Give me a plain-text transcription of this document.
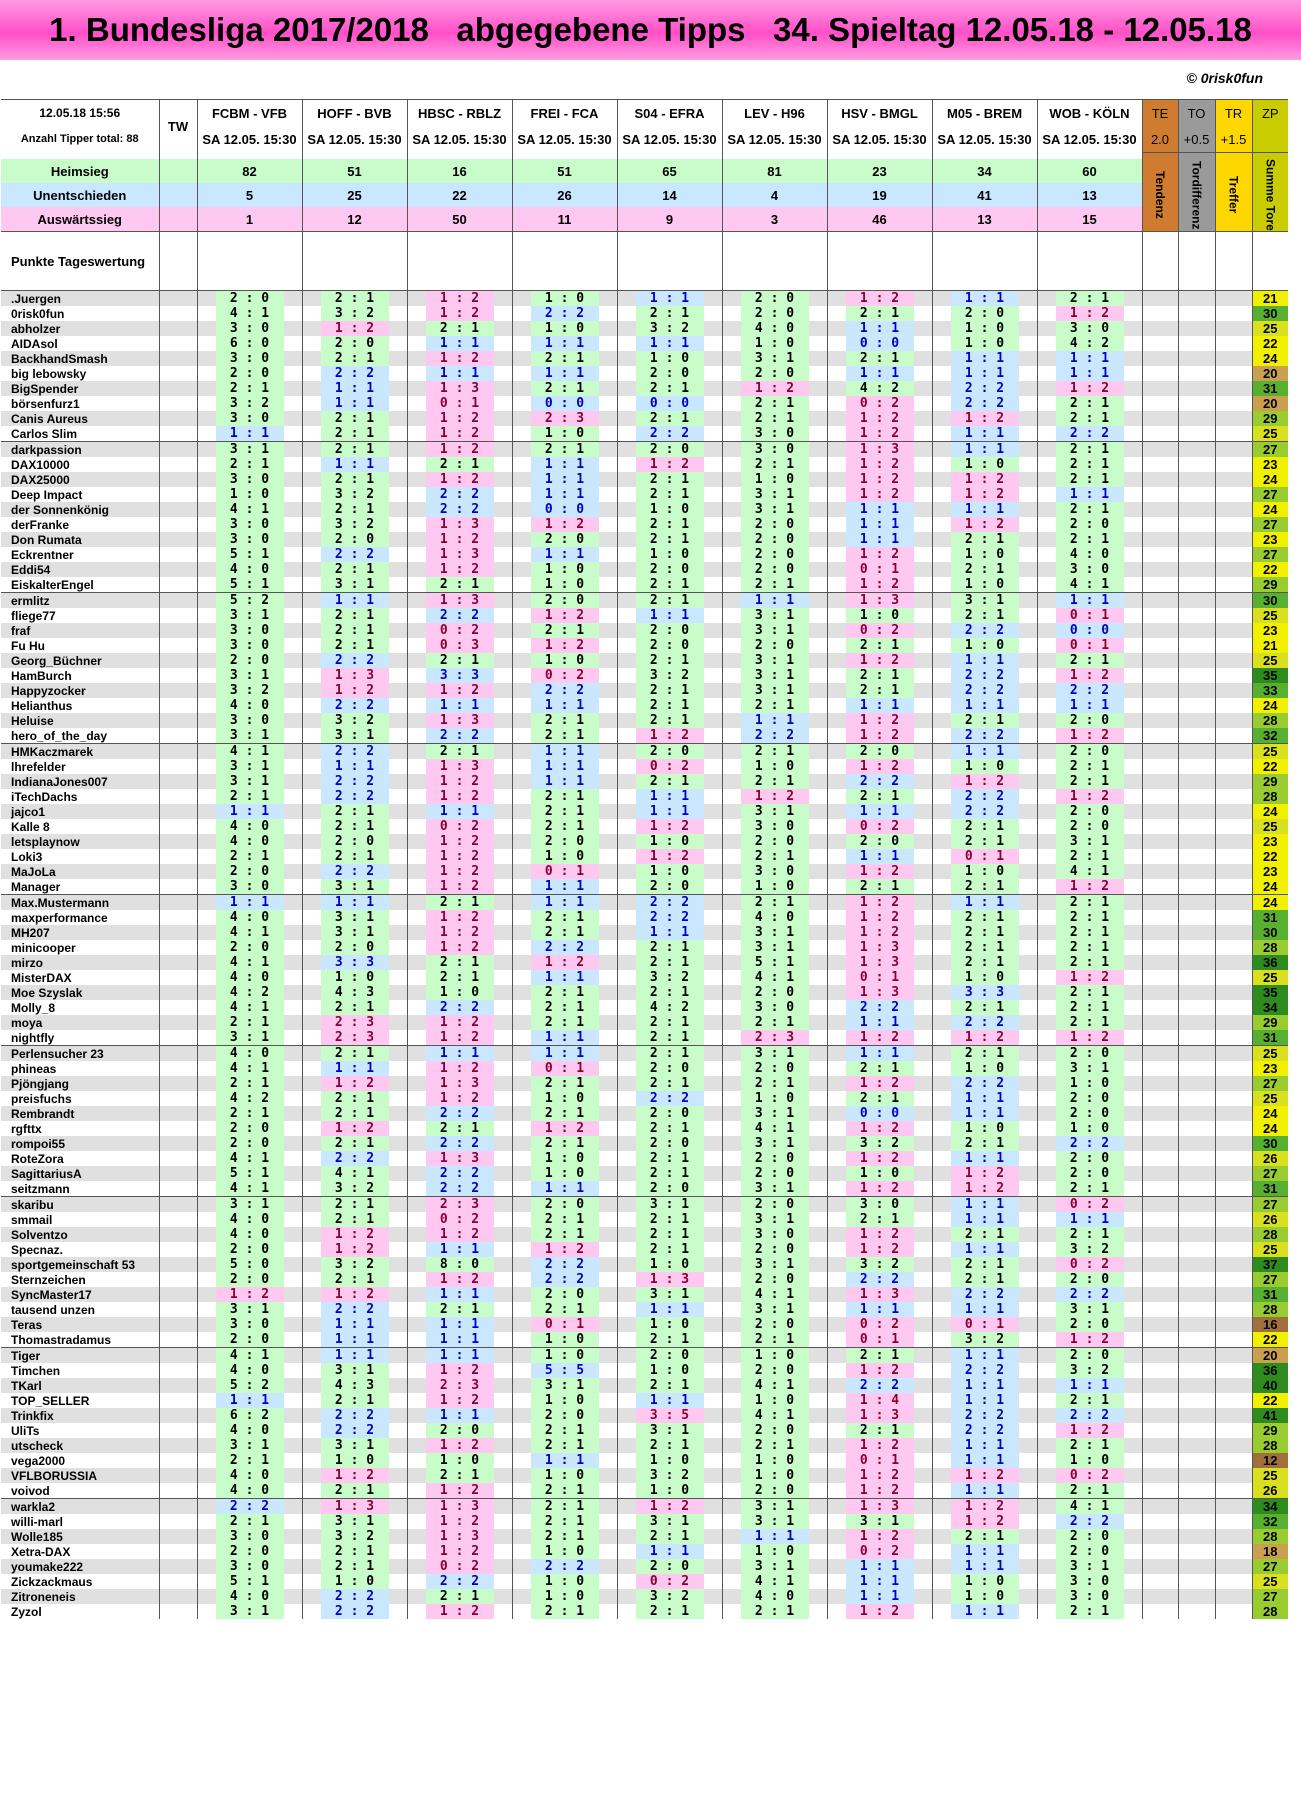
1. Bundesliga 2017/2018   abgegebene Tipps   34. Spieltag 12.05.18 - 12.05.18
© 0risk0fun
12.05.18 15:56	TW	FCBM - VFB	HOFF - BVB	HBSC - RBLZ	FREI - FCA	S04 - EFRA	LEV - H96	HSV - BMGL	M05 - BREM	WOB - KÖLN	TE	TO	TR	ZP
Anzahl Tipper total: 88		SA 12.05. 15:30	SA 12.05. 15:30	SA 12.05. 15:30	SA 12.05. 15:30	SA 12.05. 15:30	SA 12.05. 15:30	SA 12.05. 15:30	SA 12.05. 15:30	SA 12.05. 15:30	2.0	+0.5	+1.5	

Heimsieg		82	51	16	51	65	81	23	34	60	Tendenz	Tordifferenz	Treffer	Summe Tore

Unentschieden		5	25	22	26	14	4	19	41	13				
Auswärtssieg		1	12	50	11	9	3	46	13	15				
Punkte Tageswertung														
.Juergen		2 : 0	2 : 1	1 : 2	1 : 0	1 : 1	2 : 0	1 : 2	1 : 1	2 : 1				21
0risk0fun		4 : 1	3 : 2	1 : 2	2 : 2	2 : 1	2 : 0	2 : 1	2 : 0	1 : 2				30
abholzer		3 : 0	1 : 2	2 : 1	1 : 0	3 : 2	4 : 0	1 : 1	1 : 0	3 : 0				25
AIDAsol		6 : 0	2 : 0	1 : 1	1 : 1	1 : 1	1 : 0	0 : 0	1 : 0	4 : 2				22
BackhandSmash		3 : 0	2 : 1	1 : 2	2 : 1	1 : 0	3 : 1	2 : 1	1 : 1	1 : 1				24
big lebowsky		2 : 0	2 : 2	1 : 1	1 : 1	2 : 0	2 : 0	1 : 1	1 : 1	1 : 1				20
BigSpender		2 : 1	1 : 1	1 : 3	2 : 1	2 : 1	1 : 2	4 : 2	2 : 2	1 : 2				31
börsenfurz1		3 : 2	1 : 1	0 : 1	0 : 0	0 : 0	2 : 1	0 : 2	2 : 2	2 : 1				20
Canis Aureus		3 : 0	2 : 1	1 : 2	2 : 3	2 : 1	2 : 1	1 : 2	1 : 2	2 : 1				29
Carlos Slim		1 : 1	2 : 1	1 : 2	1 : 0	2 : 2	3 : 0	1 : 2	1 : 1	2 : 2				25
darkpassion		3 : 1	2 : 1	1 : 2	2 : 1	2 : 0	3 : 0	1 : 3	1 : 1	2 : 1				27
DAX10000		2 : 1	1 : 1	2 : 1	1 : 1	1 : 2	2 : 1	1 : 2	1 : 0	2 : 1				23
DAX25000		3 : 0	2 : 1	1 : 2	1 : 1	2 : 1	1 : 0	1 : 2	1 : 2	2 : 1				24
Deep Impact		1 : 0	3 : 2	2 : 2	1 : 1	2 : 1	3 : 1	1 : 2	1 : 2	1 : 1				27
der Sonnenkönig		4 : 1	2 : 1	2 : 2	0 : 0	1 : 0	3 : 1	1 : 1	1 : 1	2 : 1				24
derFranke		3 : 0	3 : 2	1 : 3	1 : 2	2 : 1	2 : 0	1 : 1	1 : 2	2 : 0				27
Don Rumata		3 : 0	2 : 0	1 : 2	2 : 0	2 : 1	2 : 0	1 : 1	2 : 1	2 : 1				23
Eckrentner		5 : 1	2 : 2	1 : 3	1 : 1	1 : 0	2 : 0	1 : 2	1 : 0	4 : 0				27
Eddi54		4 : 0	2 : 1	1 : 2	1 : 0	2 : 0	2 : 0	0 : 1	2 : 1	3 : 0				22
EiskalterEngel		5 : 1	3 : 1	2 : 1	1 : 0	2 : 1	2 : 1	1 : 2	1 : 0	4 : 1				29
ermlitz		5 : 2	1 : 1	1 : 3	2 : 0	2 : 1	1 : 1	1 : 3	3 : 1	1 : 1				30
fliege77		3 : 1	2 : 1	2 : 2	1 : 2	1 : 1	3 : 1	1 : 0	2 : 1	0 : 1				25
fraf		3 : 0	2 : 1	0 : 2	2 : 1	2 : 0	3 : 1	0 : 2	2 : 2	0 : 0				23
Fu Hu		3 : 0	2 : 1	0 : 3	1 : 2	2 : 0	2 : 0	2 : 1	1 : 0	0 : 1				21
Georg_Büchner		2 : 0	2 : 2	2 : 1	1 : 0	2 : 1	3 : 1	1 : 2	1 : 1	2 : 1				25
HamBurch		3 : 1	1 : 3	3 : 3	0 : 2	3 : 2	3 : 1	2 : 1	2 : 2	1 : 2				35
Happyzocker		3 : 2	1 : 2	1 : 2	2 : 2	2 : 1	3 : 1	2 : 1	2 : 2	2 : 2				33
Helianthus		4 : 0	2 : 2	1 : 1	1 : 1	2 : 1	2 : 1	1 : 1	1 : 1	1 : 1				24
Heluise		3 : 0	3 : 2	1 : 3	2 : 1	2 : 1	1 : 1	1 : 2	2 : 1	2 : 0				28
hero_of_the_day		3 : 1	3 : 1	2 : 2	2 : 1	1 : 2	2 : 2	1 : 2	2 : 2	1 : 2				32
HMKaczmarek		4 : 1	2 : 2	2 : 1	1 : 1	2 : 0	2 : 1	2 : 0	1 : 1	2 : 0				25
lhrefelder		3 : 1	1 : 1	1 : 3	1 : 1	0 : 2	1 : 0	1 : 2	1 : 0	2 : 1				22
IndianaJones007		3 : 1	2 : 2	1 : 2	1 : 1	2 : 1	2 : 1	2 : 2	1 : 2	2 : 1				29
iTechDachs		2 : 1	2 : 2	1 : 2	2 : 1	1 : 1	1 : 2	2 : 1	2 : 2	1 : 2				28
jajco1		1 : 1	2 : 1	1 : 1	2 : 1	1 : 1	3 : 1	1 : 1	2 : 2	2 : 0				24
Kalle 8		4 : 0	2 : 1	0 : 2	2 : 1	1 : 2	3 : 0	0 : 2	2 : 1	2 : 0				25
letsplaynow		4 : 0	2 : 0	1 : 2	2 : 0	1 : 0	2 : 0	2 : 0	2 : 1	3 : 1				23
Loki3		2 : 1	2 : 1	1 : 2	1 : 0	1 : 2	2 : 1	1 : 1	0 : 1	2 : 1				22
MaJoLa		2 : 0	2 : 2	1 : 2	0 : 1	1 : 0	3 : 0	1 : 2	1 : 0	4 : 1				23
Manager		3 : 0	3 : 1	1 : 2	1 : 1	2 : 0	1 : 0	2 : 1	2 : 1	1 : 2				24
Max.Mustermann		1 : 1	1 : 1	2 : 1	1 : 1	2 : 2	2 : 1	1 : 2	1 : 1	2 : 1				24
maxperformance		4 : 0	3 : 1	1 : 2	2 : 1	2 : 2	4 : 0	1 : 2	2 : 1	2 : 1				31
MH207		4 : 1	3 : 1	1 : 2	2 : 1	1 : 1	3 : 1	1 : 2	2 : 1	2 : 1				30
minicooper		2 : 0	2 : 0	1 : 2	2 : 2	2 : 1	3 : 1	1 : 3	2 : 1	2 : 1				28
mirzo		4 : 1	3 : 3	2 : 1	1 : 2	2 : 1	5 : 1	1 : 3	2 : 1	2 : 1				36
MisterDAX		4 : 0	1 : 0	2 : 1	1 : 1	3 : 2	4 : 1	0 : 1	1 : 0	1 : 2				25
Moe Szyslak		4 : 2	4 : 3	1 : 0	2 : 1	2 : 1	2 : 0	1 : 3	3 : 3	2 : 1				35
Molly_8		4 : 1	2 : 1	2 : 2	2 : 1	4 : 2	3 : 0	2 : 2	2 : 1	2 : 1				34
moya		2 : 1	2 : 3	1 : 2	2 : 1	2 : 1	2 : 1	1 : 1	2 : 2	2 : 1				29
nightfly		3 : 1	2 : 3	1 : 2	1 : 1	2 : 1	2 : 3	1 : 2	1 : 2	1 : 2				31
Perlensucher 23		4 : 0	2 : 1	1 : 1	1 : 1	2 : 1	3 : 1	1 : 1	2 : 1	2 : 0				25
phineas		4 : 1	1 : 1	1 : 2	0 : 1	2 : 0	2 : 0	2 : 1	1 : 0	3 : 1				23
Pjöngjang		2 : 1	1 : 2	1 : 3	2 : 1	2 : 1	2 : 1	1 : 2	2 : 2	1 : 0				27
preisfuchs		4 : 2	2 : 1	1 : 2	1 : 0	2 : 2	1 : 0	2 : 1	1 : 1	2 : 0				25
Rembrandt		2 : 1	2 : 1	2 : 2	2 : 1	2 : 0	3 : 1	0 : 0	1 : 1	2 : 0				24
rgfttx		2 : 0	1 : 2	2 : 1	1 : 2	2 : 1	4 : 1	1 : 2	1 : 0	1 : 0				24
rompoi55		2 : 0	2 : 1	2 : 2	2 : 1	2 : 0	3 : 1	3 : 2	2 : 1	2 : 2				30
RoteZora		4 : 1	2 : 2	1 : 3	1 : 0	2 : 1	2 : 0	1 : 2	1 : 1	2 : 0				26
SagittariusA		5 : 1	4 : 1	2 : 2	1 : 0	2 : 1	2 : 0	1 : 0	1 : 2	2 : 0				27
seitzmann		4 : 1	3 : 2	2 : 2	1 : 1	2 : 0	3 : 1	1 : 2	1 : 2	2 : 1				31
skaribu		3 : 1	2 : 1	2 : 3	2 : 0	3 : 1	2 : 0	3 : 0	1 : 1	0 : 2				27
smmail		4 : 0	2 : 1	0 : 2	2 : 1	2 : 1	3 : 1	2 : 1	1 : 1	1 : 1				26
Solventzo		4 : 0	1 : 2	1 : 2	2 : 1	2 : 1	3 : 0	1 : 2	2 : 1	2 : 1				28
Specnaz.		2 : 0	1 : 2	1 : 1	1 : 2	2 : 1	2 : 0	1 : 2	1 : 1	3 : 2				25
sportgemeinschaft 53		5 : 0	3 : 2	8 : 0	2 : 2	1 : 0	3 : 1	3 : 2	2 : 1	0 : 2				37
Sternzeichen		2 : 0	2 : 1	1 : 2	2 : 2	1 : 3	2 : 0	2 : 2	2 : 1	2 : 0				27
SyncMaster17		1 : 2	1 : 2	1 : 1	2 : 0	3 : 1	4 : 1	1 : 3	2 : 2	2 : 2				31
tausend unzen		3 : 1	2 : 2	2 : 1	2 : 1	1 : 1	3 : 1	1 : 1	1 : 1	3 : 1				28
Teras		3 : 0	1 : 1	1 : 1	0 : 1	1 : 0	2 : 0	0 : 2	0 : 1	2 : 0				16
Thomastradamus		2 : 0	1 : 1	1 : 1	1 : 0	2 : 1	2 : 1	0 : 1	3 : 2	1 : 2				22
Tiger		4 : 1	1 : 1	1 : 1	1 : 0	2 : 0	1 : 0	2 : 1	1 : 1	2 : 0				20
Timchen		4 : 0	3 : 1	1 : 2	5 : 5	1 : 0	2 : 0	1 : 2	2 : 2	3 : 2				36
TKarl		5 : 2	4 : 3	2 : 3	3 : 1	2 : 1	4 : 1	2 : 2	1 : 1	1 : 1				40
TOP_SELLER		1 : 1	2 : 1	1 : 2	1 : 0	1 : 1	1 : 0	1 : 4	1 : 1	2 : 1				22
Trinkfix		6 : 2	2 : 2	1 : 1	2 : 0	3 : 5	4 : 1	1 : 3	2 : 2	2 : 2				41
UliTs		4 : 0	2 : 2	2 : 0	2 : 1	3 : 1	2 : 0	2 : 1	2 : 2	1 : 2				29
utscheck		3 : 1	3 : 1	1 : 2	2 : 1	2 : 1	2 : 1	1 : 2	1 : 1	2 : 1				28
vega2000		2 : 1	1 : 0	1 : 0	1 : 1	1 : 0	1 : 0	0 : 1	1 : 1	1 : 0				12
VFLBORUSSIA		4 : 0	1 : 2	2 : 1	1 : 0	3 : 2	1 : 0	1 : 2	1 : 2	0 : 2				25
voivod		4 : 0	2 : 1	1 : 2	2 : 1	1 : 0	2 : 0	1 : 2	1 : 1	2 : 1				26
warkla2		2 : 2	1 : 3	1 : 3	2 : 1	1 : 2	3 : 1	1 : 3	1 : 2	4 : 1				34
willi-marl		2 : 1	3 : 1	1 : 2	2 : 1	3 : 1	3 : 1	3 : 1	1 : 2	2 : 2				32
Wolle185		3 : 0	3 : 2	1 : 3	2 : 1	2 : 1	1 : 1	1 : 2	2 : 1	2 : 0				28
Xetra-DAX		2 : 0	2 : 1	1 : 2	1 : 0	1 : 1	1 : 0	0 : 2	1 : 1	2 : 0				18
youmake222		3 : 0	2 : 1	0 : 2	2 : 2	2 : 0	3 : 1	1 : 1	1 : 1	3 : 1				27
Zickzackmaus		5 : 1	1 : 0	2 : 2	1 : 0	0 : 2	4 : 1	1 : 1	1 : 0	3 : 0				25
Zitroneneis		4 : 0	2 : 2	2 : 1	1 : 0	3 : 2	4 : 0	1 : 1	1 : 0	3 : 0				27
Zyzol		3 : 1	2 : 2	1 : 2	2 : 1	2 : 1	2 : 1	1 : 2	1 : 1	2 : 1				28
